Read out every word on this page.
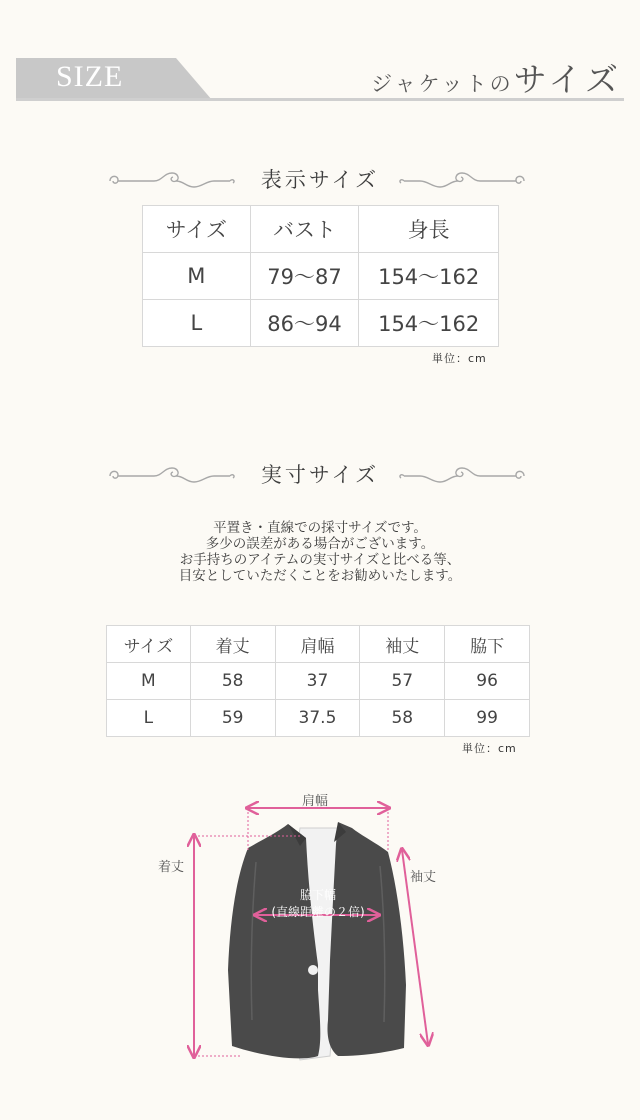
SIZE	ジャケットのサイズ
表示サイズ
サイズ	バスト	身長
M	79〜87	154〜162
L	86〜94	154〜162
単位：cm
実寸サイズ
平置き・直線での採寸サイズです。
多少の誤差がある場合がございます。
お手持ちのアイテムの実寸サイズと比べる等、
目安としていただくことをお勧めいたします。
サイズ	着丈	肩幅	袖丈	脇下
M	58	37	57	96
L	59	37.5	58	99
単位：cm
肩幅
着丈
袖丈
脇下幅
(直線距離の２倍)
